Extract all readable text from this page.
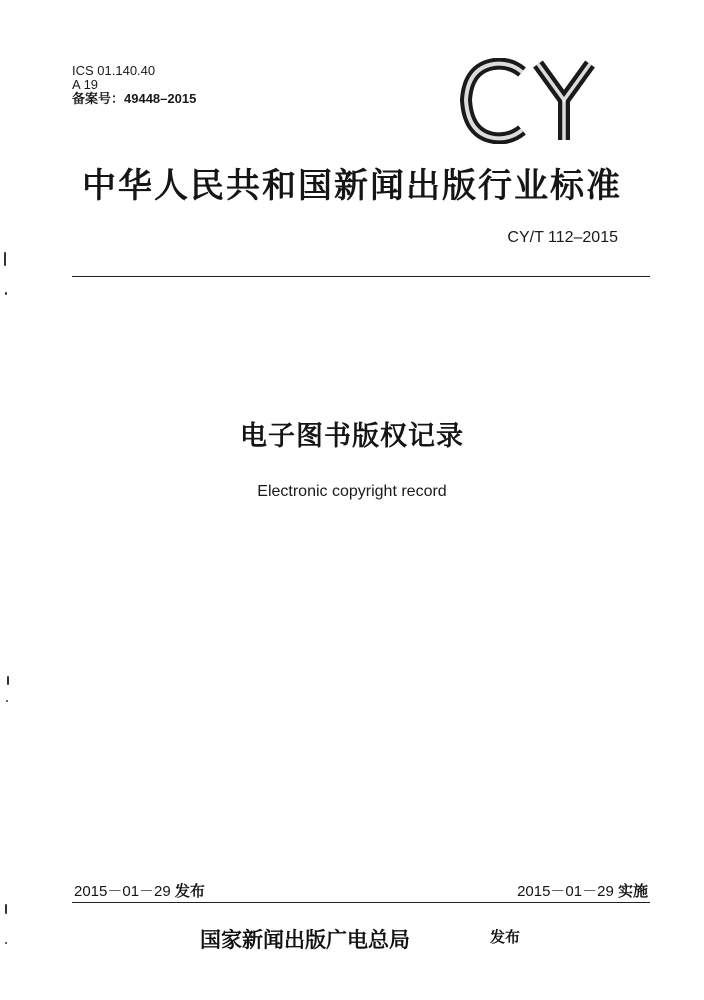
ICS 01.140.40
A 19
备案号：49448–2015
CY
中华人民共和国新闻出版行业标准
CY/T 112–2015
电子图书版权记录
Electronic copyright record
2015－01－29 发布	2015－01－29 实施
国家新闻出版广电总局	发布
